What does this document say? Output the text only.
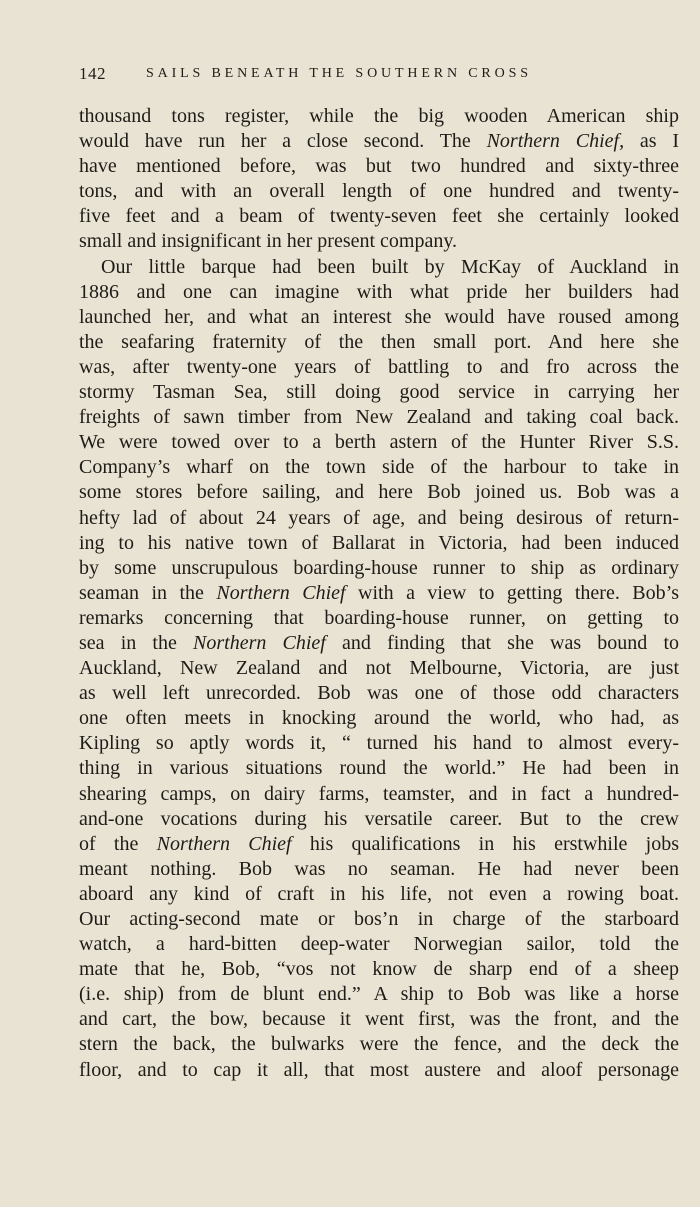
142	SAILS BENEATH THE SOUTHERN CROSS
thousand tons register, while the big wooden American ship
would have run her a close second. The Northern Chief, as I
have mentioned before, was but two hundred and sixty-three
tons, and with an overall length of one hundred and twenty-
five feet and a beam of twenty-seven feet she certainly looked
small and insignificant in her present company.
Our little barque had been built by McKay of Auckland in
1886 and one can imagine with what pride her builders had
launched her, and what an interest she would have roused among
the seafaring fraternity of the then small port. And here she
was, after twenty-one years of battling to and fro across the
stormy Tasman Sea, still doing good service in carrying her
freights of sawn timber from New Zealand and taking coal back.
We were towed over to a berth astern of the Hunter River S.S.
Company’s wharf on the town side of the harbour to take in
some stores before sailing, and here Bob joined us. Bob was a
hefty lad of about 24 years of age, and being desirous of return-
ing to his native town of Ballarat in Victoria, had been induced
by some unscrupulous boarding-house runner to ship as ordinary
seaman in the Northern Chief with a view to getting there. Bob’s
remarks concerning that boarding-house runner, on getting to
sea in the Northern Chief and finding that she was bound to
Auckland, New Zealand and not Melbourne, Victoria, are just
as well left unrecorded. Bob was one of those odd characters
one often meets in knocking around the world, who had, as
Kipling so aptly words it, “ turned his hand to almost every-
thing in various situations round the world.” He had been in
shearing camps, on dairy farms, teamster, and in fact a hundred-
and-one vocations during his versatile career. But to the crew
of the Northern Chief his qualifications in his erstwhile jobs
meant nothing. Bob was no seaman. He had never been
aboard any kind of craft in his life, not even a rowing boat.
Our acting-second mate or bos’n in charge of the starboard
watch, a hard-bitten deep-water Norwegian sailor, told the
mate that he, Bob, “vos not know de sharp end of a sheep
(i.e. ship) from de blunt end.” A ship to Bob was like a horse
and cart, the bow, because it went first, was the front, and the
stern the back, the bulwarks were the fence, and the deck the
floor, and to cap it all, that most austere and aloof personage
